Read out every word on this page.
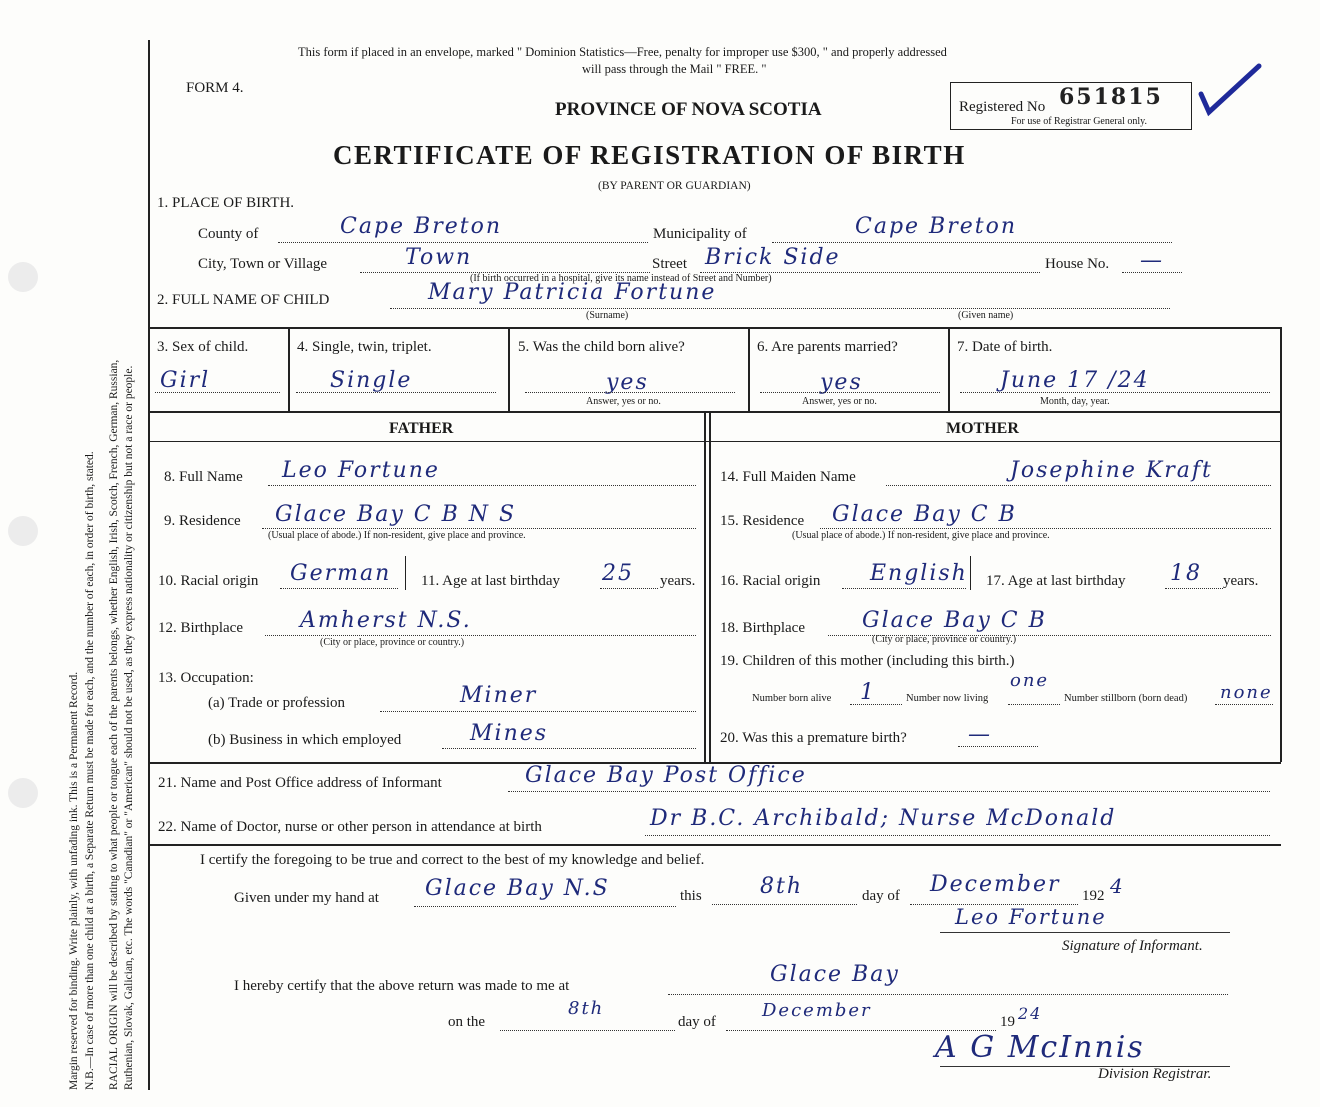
Margin reserved for binding. Write plainly, with unfading ink. This is a Permanent Record. N.B.—In case of more than one child at a birth, a Separate Return must be made for each, and the number of each, in order of birth, stated. RACIAL ORIGIN will be described by stating to what people or tongue each of the parents belongs, whether English, Irish, Scotch, French, German, Russian, Ruthenian, Slovak, Galician, etc. The words "Canadian" or "American" should not be used, as they express nationality or citizenship but not a race or people.
This form if placed in an envelope, marked " Dominion Statistics—Free, penalty for improper use $300, " and properly addressed
will pass through the Mail " FREE. "
FORM 4.
PROVINCE OF NOVA SCOTIA	Registered No 651815
For use of Registrar General only.
CERTIFICATE OF REGISTRATION OF BIRTH
(BY PARENT OR GUARDIAN)
1. PLACE OF BIRTH.
County of	Cape Breton	Municipality of	Cape Breton
City, Town or Village	Town	Street Brick Side	House No. —
(If birth occurred in a hospital, give its name instead of Street and Number)
2. FULL NAME OF CHILD	Mary Patricia Fortune
(Surname)	(Given name)
3. Sex of child.
Girl
4. Single, twin, triplet.
Single
5. Was the child born alive?
yes
Answer, yes or no.
6. Are parents married?
yes
Answer, yes or no.
7. Date of birth.
June 17 /24
Month, day, year.
FATHER	MOTHER
8. Full Name Leo Fortune
9. Residence Glace Bay C B N S
(Usual place of abode.) If non-resident, give place and province.
10. Racial origin German 11. Age at last birthday 25 years.
12. Birthplace	Amherst N.S.
(City or place, province or country.)
13. Occupation:
(a) Trade or profession	Miner
(b) Business in which employed	Mines
14. Full Maiden Name	Josephine Kraft
15. Residence Glace Bay C B
(Usual place of abode.) If non-resident, give place and province.
16. Racial origin English 17. Age at last birthday 18 years.
18. Birthplace	Glace Bay C B
(City or place, province or country.)
19. Children of this mother (including this birth.)
Number born alive 1	Number now living
one
Number stillborn (born dead) none
20. Was this a premature birth?	—
21. Name and Post Office address of Informant	Glace Bay Post Office
22. Name of Doctor, nurse or other person in attendance at birth	Dr B.C. Archibald; Nurse McDonald
I certify the foregoing to be true and correct to the best of my knowledge and belief.
Given under my hand at Glace Bay N.S	this	8th	day of December 192 4
Leo Fortune
Signature of Informant.
I hereby certify that the above return was made to me at	Glace Bay
on the
8th
day of
December
19 24
A G McInnis
Division Registrar.
